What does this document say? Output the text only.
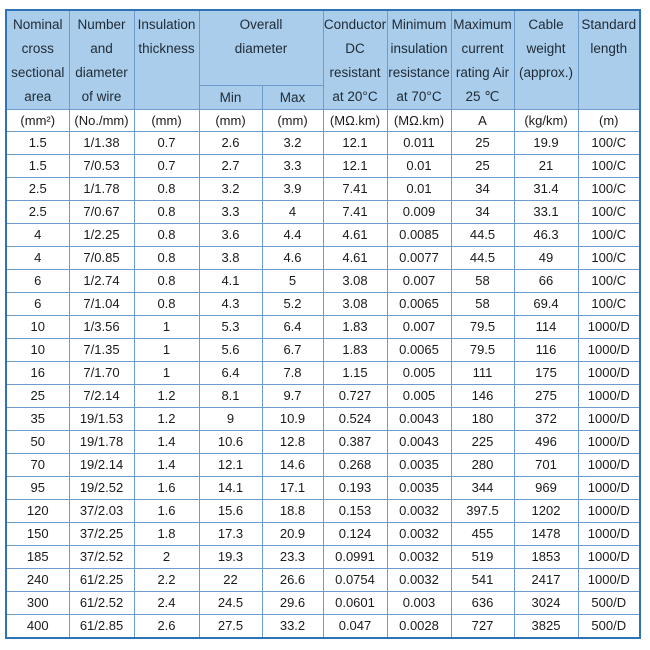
Nominal
cross
sectional
area	Number
and
diameter
of wire	Insulation
thickness	Overall
diameter		Conductor
DC
resistant
at 20°C	Minimum
insulation
resistance
at 70°C	Maximum
current
rating Air
25 ℃	Cable
weight
(approx.)	Standard
length

			Min	Max					
(mm²)	(No./mm)	(mm)	(mm)	(mm)	(MΩ.km)	(MΩ.km)	A	(kg/km)	(m)
1.5	1/1.38	0.7	2.6	3.2	12.1	0.011	25	19.9	100/C
1.5	7/0.53	0.7	2.7	3.3	12.1	0.01	25	21	100/C
2.5	1/1.78	0.8	3.2	3.9	7.41	0.01	34	31.4	100/C
2.5	7/0.67	0.8	3.3	4	7.41	0.009	34	33.1	100/C
4	1/2.25	0.8	3.6	4.4	4.61	0.0085	44.5	46.3	100/C
4	7/0.85	0.8	3.8	4.6	4.61	0.0077	44.5	49	100/C
6	1/2.74	0.8	4.1	5	3.08	0.007	58	66	100/C
6	7/1.04	0.8	4.3	5.2	3.08	0.0065	58	69.4	100/C
10	1/3.56	1	5.3	6.4	1.83	0.007	79.5	114	1000/D
10	7/1.35	1	5.6	6.7	1.83	0.0065	79.5	116	1000/D
16	7/1.70	1	6.4	7.8	1.15	0.005	111	175	1000/D
25	7/2.14	1.2	8.1	9.7	0.727	0.005	146	275	1000/D
35	19/1.53	1.2	9	10.9	0.524	0.0043	180	372	1000/D
50	19/1.78	1.4	10.6	12.8	0.387	0.0043	225	496	1000/D
70	19/2.14	1.4	12.1	14.6	0.268	0.0035	280	701	1000/D
95	19/2.52	1.6	14.1	17.1	0.193	0.0035	344	969	1000/D
120	37/2.03	1.6	15.6	18.8	0.153	0.0032	397.5	1202	1000/D
150	37/2.25	1.8	17.3	20.9	0.124	0.0032	455	1478	1000/D
185	37/2.52	2	19.3	23.3	0.0991	0.0032	519	1853	1000/D
240	61/2.25	2.2	22	26.6	0.0754	0.0032	541	2417	1000/D
300	61/2.52	2.4	24.5	29.6	0.0601	0.003	636	3024	500/D
400	61/2.85	2.6	27.5	33.2	0.047	0.0028	727	3825	500/D
